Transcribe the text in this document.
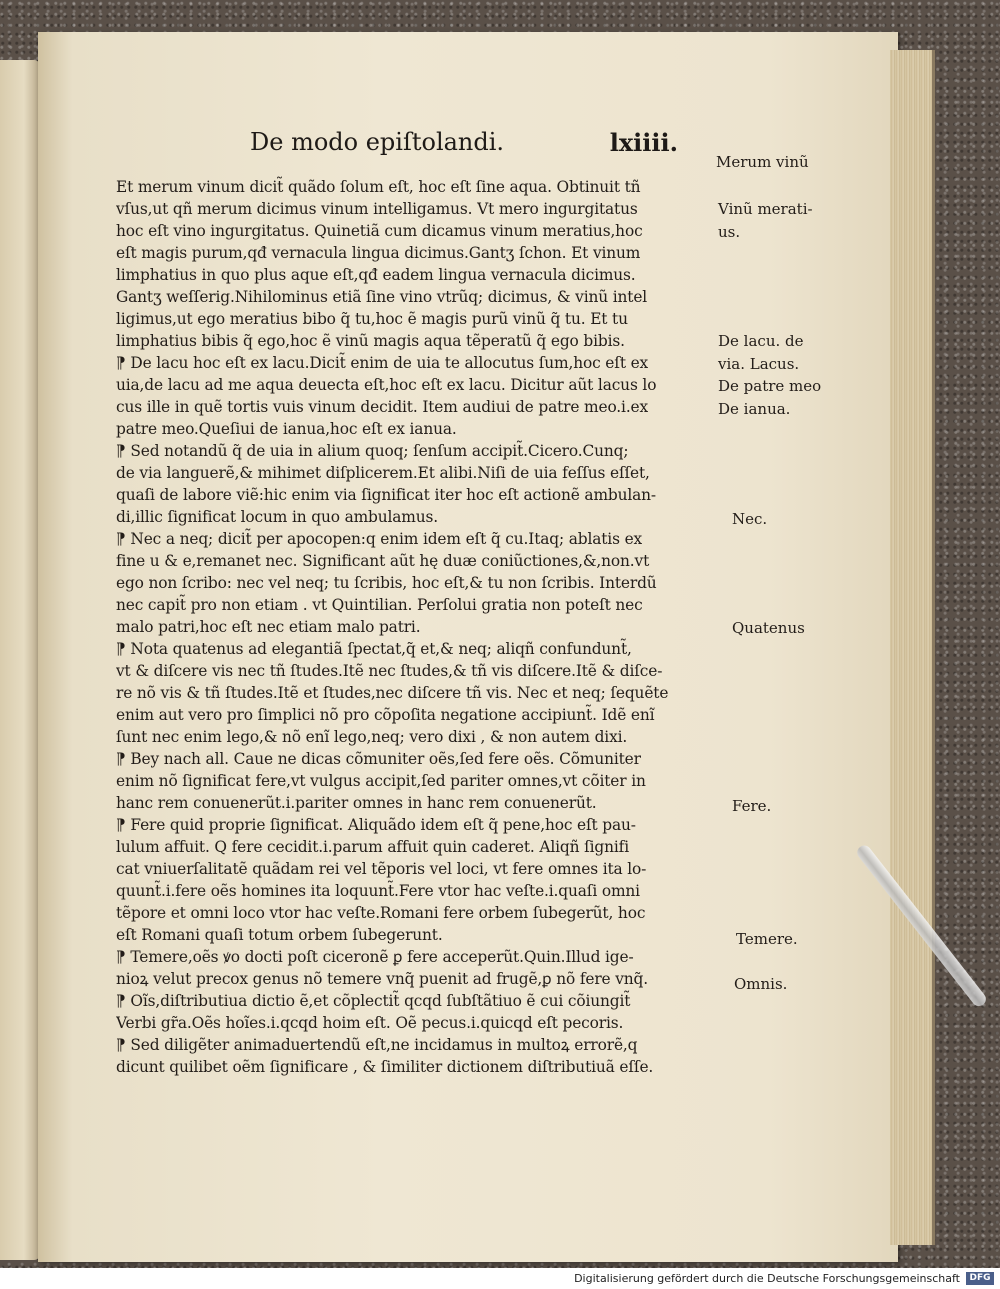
De modo epiſtolandi.	lxiiii.
Et merum vinum dicit̃ quãdo ſolum eſt, hoc eſt ſine aqua. Obtinuit tñ
vſus,ut qñ merum dicimus vinum intelligamus. Vt mero ingurgitatus
hoc eſt vino ingurgitatus. Quinetiã cum dicamus vinum meratius,hoc
eſt magis purum,qđ vernacula lingua dicimus.Gantʒ ſchon. Et vinum
limphatius in quo plus aque eſt,qđ eadem lingua vernacula dicimus.
Gantʒ weſſerig.Nihilominus etiã ſine vino vtrũq; dicimus, & vinũ intel
ligimus,ut ego meratius bibo q̃ tu,hoc ẽ magis purũ vinũ q̃ tu. Et tu
limphatius bibis q̃ ego,hoc ẽ vinũ magis aqua tẽperatũ q̃ ego bibis.
⁋ De lacu hoc eſt ex lacu.Dicit̃ enim de uia te allocutus ſum,hoc eſt ex
uia,de lacu ad me aqua deuecta eſt,hoc eſt ex lacu. Dicitur aũt lacus lo
cus ille in quẽ tortis vuis vinum decidit. Item audiui de patre meo.i.ex
patre meo.Queſiui de ianua,hoc eſt ex ianua.
⁋ Sed notandũ q̃ de uia in alium quoq; ſenſum accipit̃.Cicero.Cunq;
de via languerẽ,& mihimet diſplicerem.Et alibi.Niſi de uia feſſus eſſet,
quaſi de labore viẽ:hic enim via ſignificat iter hoc eſt actionẽ ambulan-
di,illic ſignificat locum in quo ambulamus.
⁋ Nec a neq; dicit̃ per apocopen:q enim idem eſt q̃ cu.Itaq; ablatis ex
fine u & e,remanet nec. Significant aũt hę duæ coniũctiones,&,non.vt
ego non ſcribo: nec vel neq; tu ſcribis, hoc eſt,& tu non ſcribis. Interdũ
nec capit̃ pro non etiam . vt Quintilian. Perſolui gratia non poteſt nec
malo patri,hoc eſt nec etiam malo patri.
⁋ Nota quatenus ad elegantiã ſpectat,q̃ et,& neq; aliqñ confundunt̃,
vt & diſcere vis nec tñ ſtudes.Itẽ nec ſtudes,& tñ vis diſcere.Itẽ & diſce-
re nõ vis & tñ ſtudes.Itẽ et ſtudes,nec diſcere tñ vis. Nec et neq; ſequẽte
enim aut vero pro ſimplici nõ pro cõpoſita negatione accipiunt̃. Idẽ enĩ
ſunt nec enim lego,& nõ enĩ lego,neq; vero dixi , & non autem dixi.
⁋ Bey nach all. Caue ne dicas cõmuniter oẽs,ſed fere oẽs. Cõmuniter
enim nõ ſignificat fere,vt vulgus accipit,ſed pariter omnes,vt cõiter in
hanc rem conuenerũt.i.pariter omnes in hanc rem conuenerũt.
⁋ Fere quid proprie ſignificat. Aliquãdo idem eſt q̃ pene,hoc eſt pau-
lulum affuit. Q fere cecidit.i.parum affuit quin caderet. Aliqñ ſignifi
cat vniuerſalitatẽ quãdam rei vel tẽporis vel loci, vt fere omnes ita lo-
quunt̃.i.fere oẽs homines ita loquunt̃.Fere vtor hac veſte.i.quaſi omni
tẽpore et omni loco vtor hac veſte.Romani fere orbem ſubegerũt, hoc
eſt Romani quaſi totum orbem ſubegerunt.
⁋ Temere,oẽs ꝟo docti poſt ciceronẽ ꝑ fere acceperũt.Quin.Illud ige-
nioꝝ velut precox genus nõ temere vnq̃ puenit ad frugẽ,ꝑ nõ fere vnq̃.
⁋ Oĩs,diſtributiua dictio ẽ,et cõplectit̃ qcqd ſubſtãtiuo ẽ cui cõiungit̃
Verbi gr̃a.Oẽs hoĩes.i.qcqd hoim eſt. Oẽ pecus.i.quicqd eſt pecoris.
⁋ Sed diligẽter animaduertendũ eſt,ne incidamus in multoꝝ errorẽ,q
dicunt quilibet oẽm ſignificare , & ſimiliter dictionem diſtributiuã eſſe.
Merum vinũ
Vinũ merati-
us.
De lacu. de
via. Lacus.
De patre meo
De ianua.
Nec.
Quatenus
Fere.
Temere.
Omnis.
Digitalisierung gefördert durch die Deutsche Forschungsgemeinschaft	DFG
